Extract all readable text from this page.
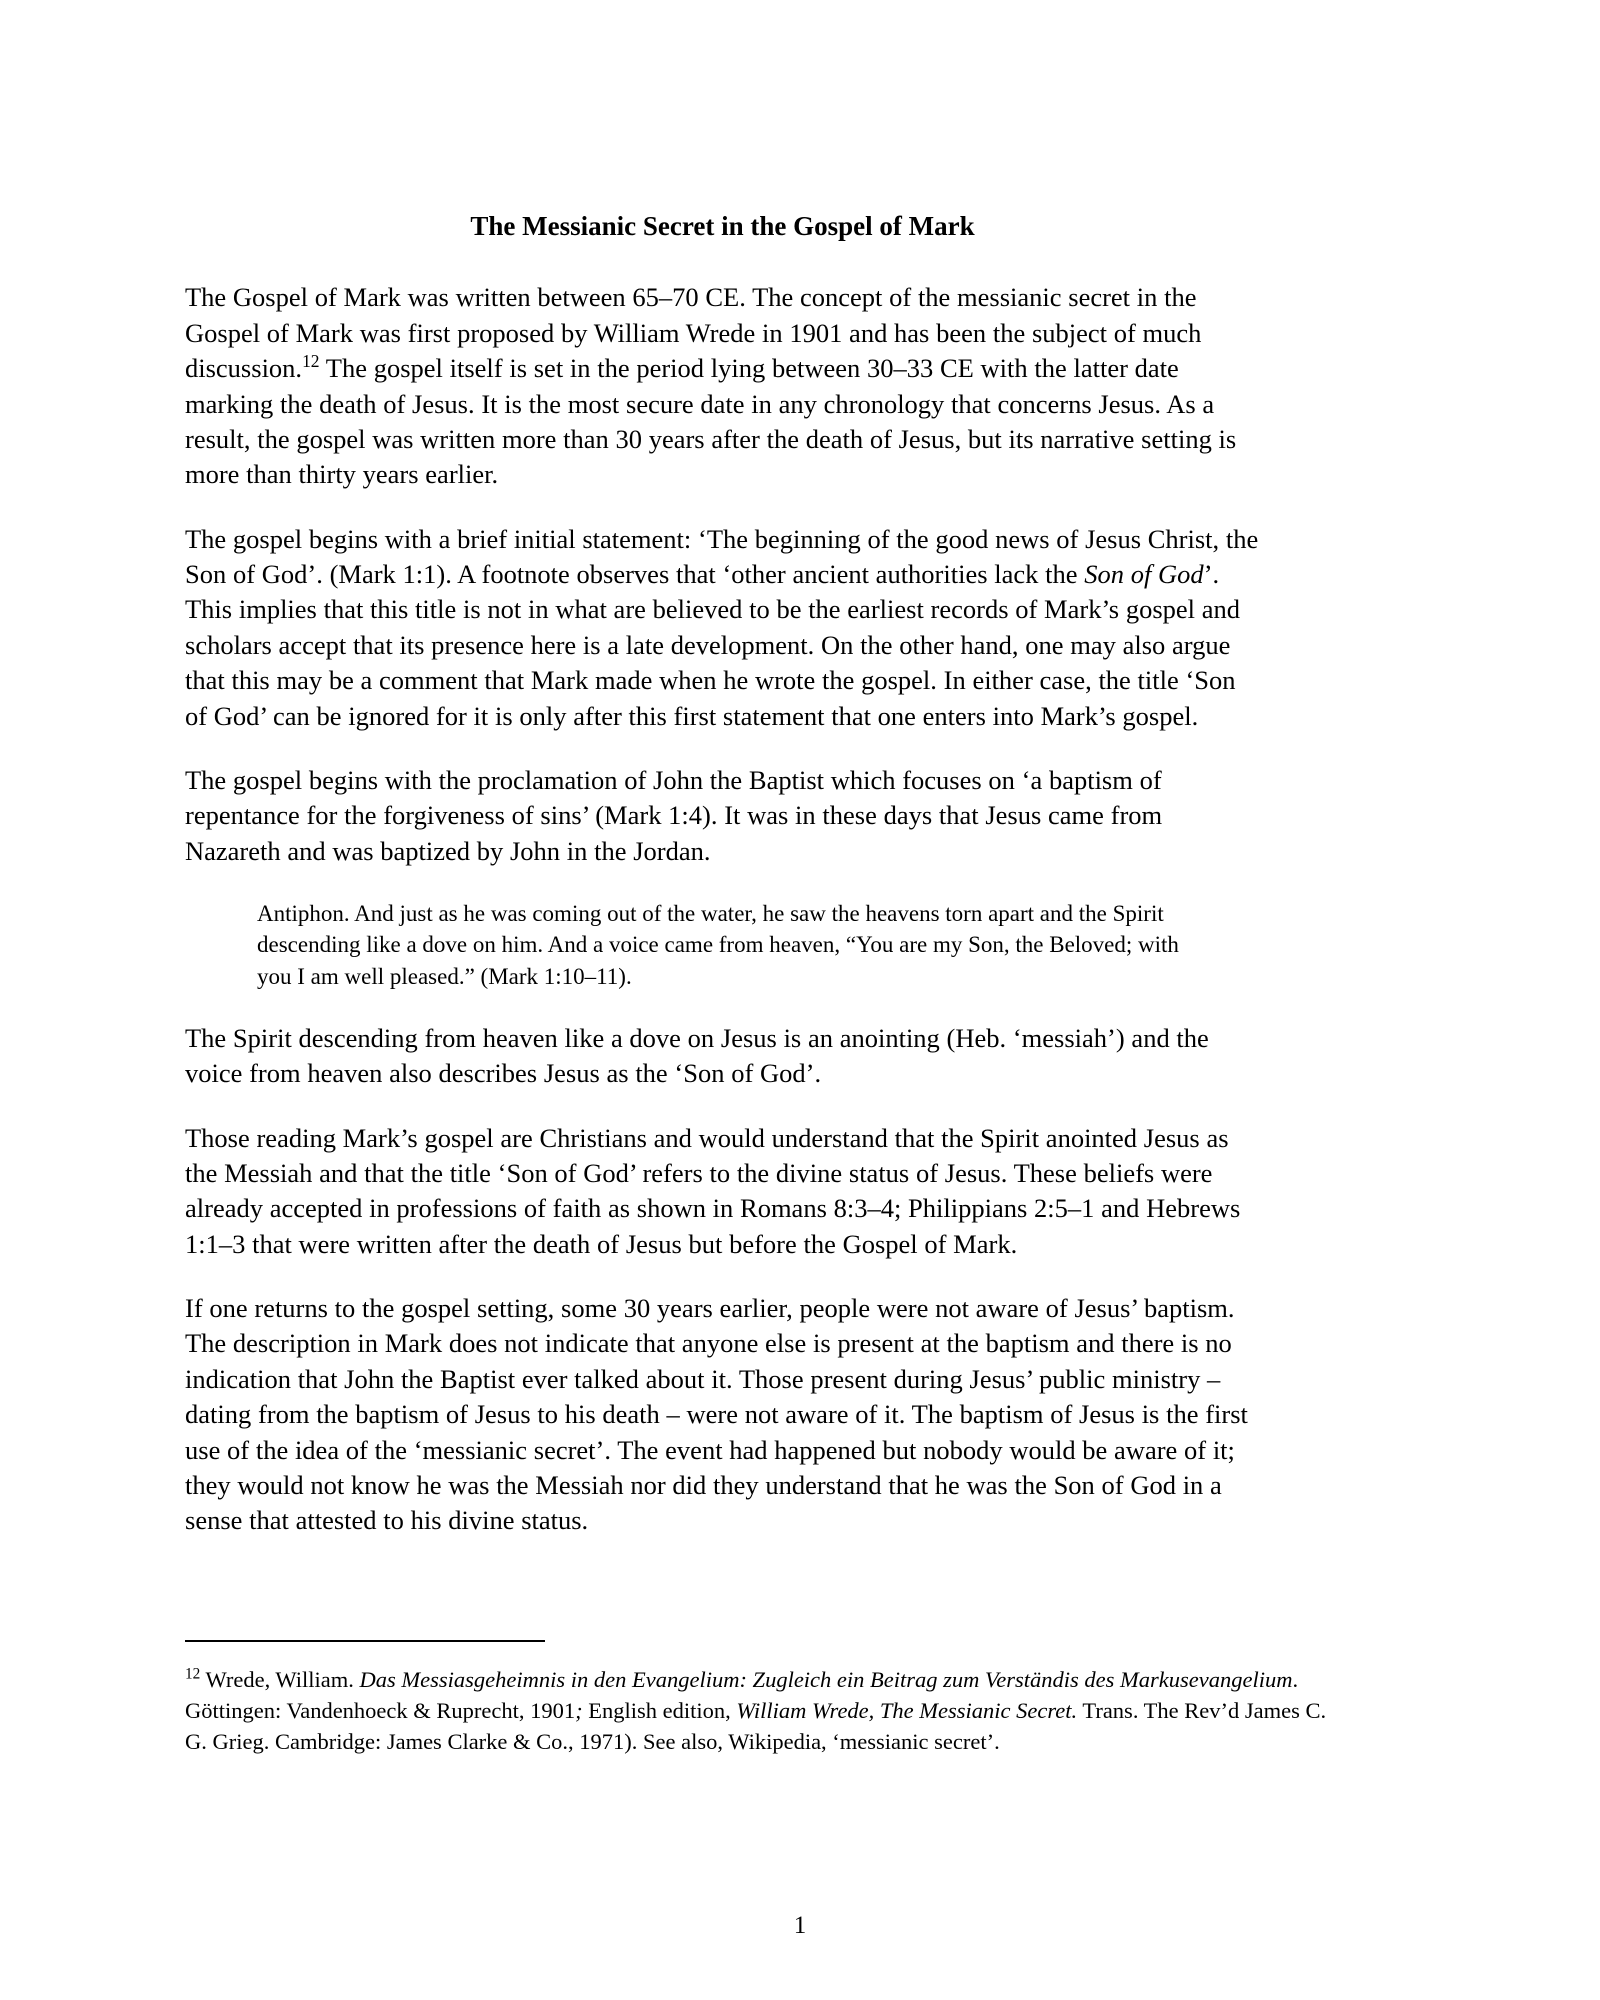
The Messianic Secret in the Gospel of Mark

The Gospel of Mark was written between 65–70 CE. The concept of the messianic secret in the Gospel of Mark was first proposed by William Wrede in 1901 and has been the subject of much discussion.$^{12}$ The gospel itself is set in the period lying between 30–33 CE with the latter date marking the death of Jesus. It is the most secure date in any chronology that concerns Jesus. As a result, the gospel was written more than 30 years after the death of Jesus, but its narrative setting is more than thirty years earlier.

The gospel begins with a brief initial statement: ‘The beginning of the good news of Jesus Christ, the Son of God’. (Mark 1:1). A footnote observes that ‘other ancient authorities lack the Son of God’. This implies that this title is not in what are believed to be the earliest records of Mark’s gospel and scholars accept that its presence here is a late development. On the other hand, one may also argue that this may be a comment that Mark made when he wrote the gospel. In either case, the title ‘Son of God’ can be ignored for it is only after this first statement that one enters into Mark’s gospel.

The gospel begins with the proclamation of John the Baptist which focuses on ‘a baptism of repentance for the forgiveness of sins’ (Mark 1:4). It was in these days that Jesus came from Nazareth and was baptized by John in the Jordan.

Antiphon. And just as he was coming out of the water, he saw the heavens torn apart and the Spirit descending like a dove on him. And a voice came from heaven, “You are my Son, the Beloved; with you I am well pleased.” (Mark 1:10–11).

The Spirit descending from heaven like a dove on Jesus is an anointing (Heb. ‘messiah’) and the voice from heaven also describes Jesus as the ‘Son of God’.

Those reading Mark’s gospel are Christians and would understand that the Spirit anointed Jesus as the Messiah and that the title ‘Son of God’ refers to the divine status of Jesus. These beliefs were already accepted in professions of faith as shown in Romans 8:3–4; Philippians 2:5–1 and Hebrews 1:1–3 that were written after the death of Jesus but before the Gospel of Mark.

If one returns to the gospel setting, some 30 years earlier, people were not aware of Jesus’ baptism. The description in Mark does not indicate that anyone else is present at the baptism and there is no indication that John the Baptist ever talked about it. Those present during Jesus’ public ministry – dating from the baptism of Jesus to his death – were not aware of it. The baptism of Jesus is the first use of the idea of the ‘messianic secret’. The event had happened but nobody would be aware of it; they would not know he was the Messiah nor did they understand that he was the Son of God in a sense that attested to his divine status.

$^{12}$ Wrede, William. Das Messiasgeheimnis in den Evangelium: Zugleich ein Beitrag zum Verständis des Markusevangelium. Göttingen: Vandenhoeck & Ruprecht, 1901; English edition, William Wrede, The Messianic Secret. Trans. The Rev’d James C. G. Grieg. Cambridge: James Clarke & Co., 1971). See also, Wikipedia, ‘messianic secret’.

1
